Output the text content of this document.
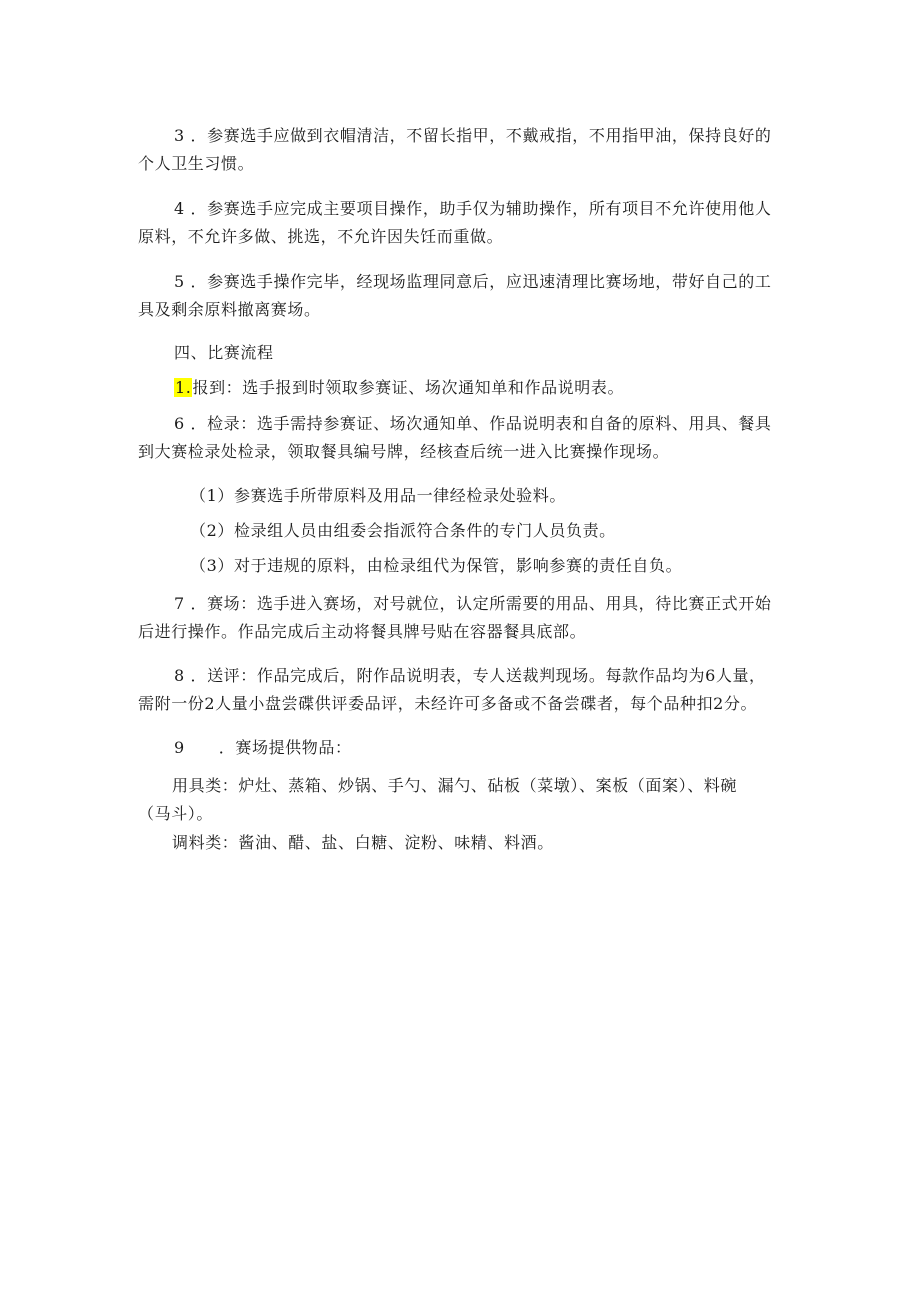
3 ．参赛选手应做到衣帽清洁，不留长指甲，不戴戒指，不用指甲油，保持良好的
个人卫生习惯。
4 ．参赛选手应完成主要项目操作，助手仅为辅助操作，所有项目不允许使用他人
原料，不允许多做、挑选，不允许因失饪而重做。
5 ．参赛选手操作完毕，经现场监理同意后，应迅速清理比赛场地，带好自己的工
具及剩余原料撤离赛场。
四、比赛流程
1.报到：选手报到时领取参赛证、场次通知单和作品说明表。
6 ．检录：选手需持参赛证、场次通知单、作品说明表和自备的原料、用具、餐具
到大赛检录处检录，领取餐具编号牌，经核查后统一进入比赛操作现场。
（1）参赛选手所带原料及用品一律经检录处验料。
（2）检录组人员由组委会指派符合条件的专门人员负责。
（3）对于违规的原料，由检录组代为保管，影响参赛的责任自负。
7 ．赛场：选手进入赛场，对号就位，认定所需要的用品、用具，待比赛正式开始
后进行操作。作品完成后主动将餐具牌号贴在容器餐具底部。
8 ．送评：作品完成后，附作品说明表，专人送裁判现场。每款作品均为6人量，
需附一份2人量小盘尝碟供评委品评，未经许可多备或不备尝碟者，每个品种扣2分。
9 ．赛场提供物品：
用具类：炉灶、蒸箱、炒锅、手勺、漏勺、砧板（菜墩）、案板（面案）、料碗
（马斗）。
调料类：酱油、醋、盐、白糖、淀粉、味精、料酒。
